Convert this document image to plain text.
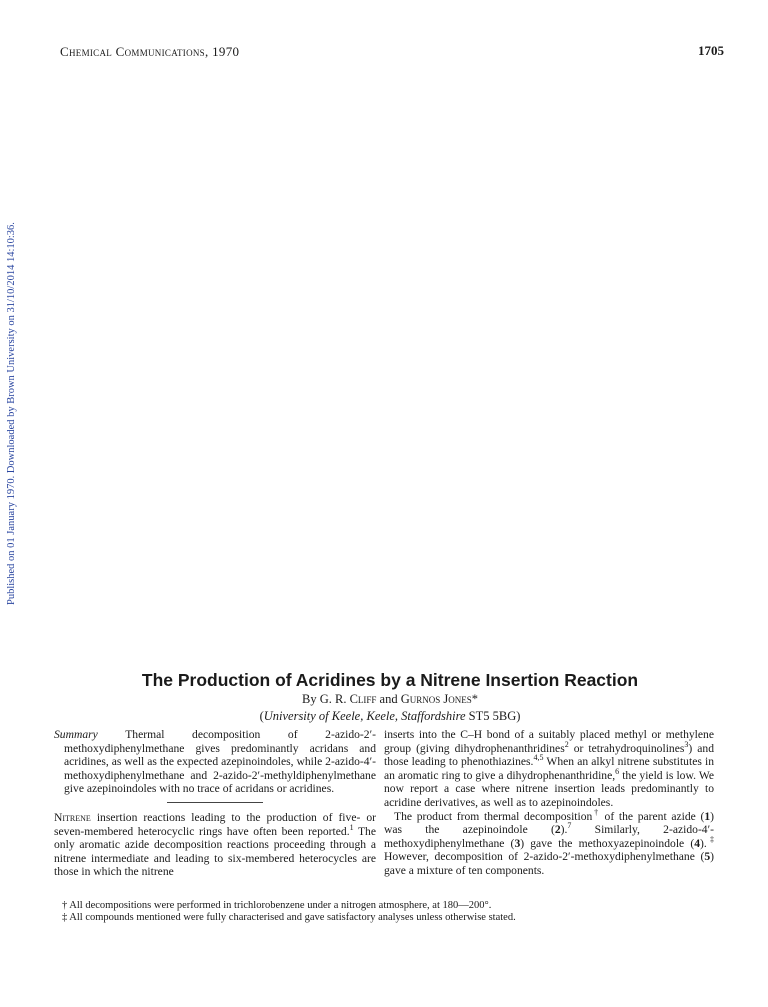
Chemical Communications, 1970	1705
Published on 01 January 1970. Downloaded by Brown University on 31/10/2014 14:10:36.
The Production of Acridines by a Nitrene Insertion Reaction
By G. R. Cliff and Gurnos Jones*
(University of Keele, Keele, Staffordshire ST5 5BG)

Summary Thermal decomposition of 2-azido-2′-methoxydiphenylmethane gives predominantly acridans and acridines, as well as the expected azepinoindoles, while 2-azido-4′-methoxydiphenylmethane and 2-azido-2′-methyldiphenylmethane give azepinoindoles with no trace of acridans or acridines.

Nitrene insertion reactions leading to the production of five- or seven-membered heterocyclic rings have often been reported.$^1$ The only aromatic azide decomposition reactions proceeding through a nitrene intermediate and leading to six-membered heterocycles are those in which the nitrene

inserts into the C–H bond of a suitably placed methyl or methylene group (giving dihydrophenanthridines$^2$ or tetrahydroquinolines$^3$) and those leading to phenothiazines.$^{4,5}$ When an alkyl nitrene substitutes in an aromatic ring to give a dihydrophenanthridine,$^6$ the yield is low. We now report a case where nitrene insertion leads predominantly to acridine derivatives, as well as to azepinoindoles.

The product from thermal decomposition† of the parent azide (1) was the azepinoindole (2).$^7$ Similarly, 2-azido-4′-methoxydiphenylmethane (3) gave the methoxyazepinoindole (4).‡ However, decomposition of 2-azido-2′-methoxydiphenylmethane (5) gave a mixture of ten components.

† All decompositions were performed in trichlorobenzene under a nitrogen atmosphere, at 180—200°.
‡ All compounds mentioned were fully characterised and gave satisfactory analyses unless otherwise stated.
